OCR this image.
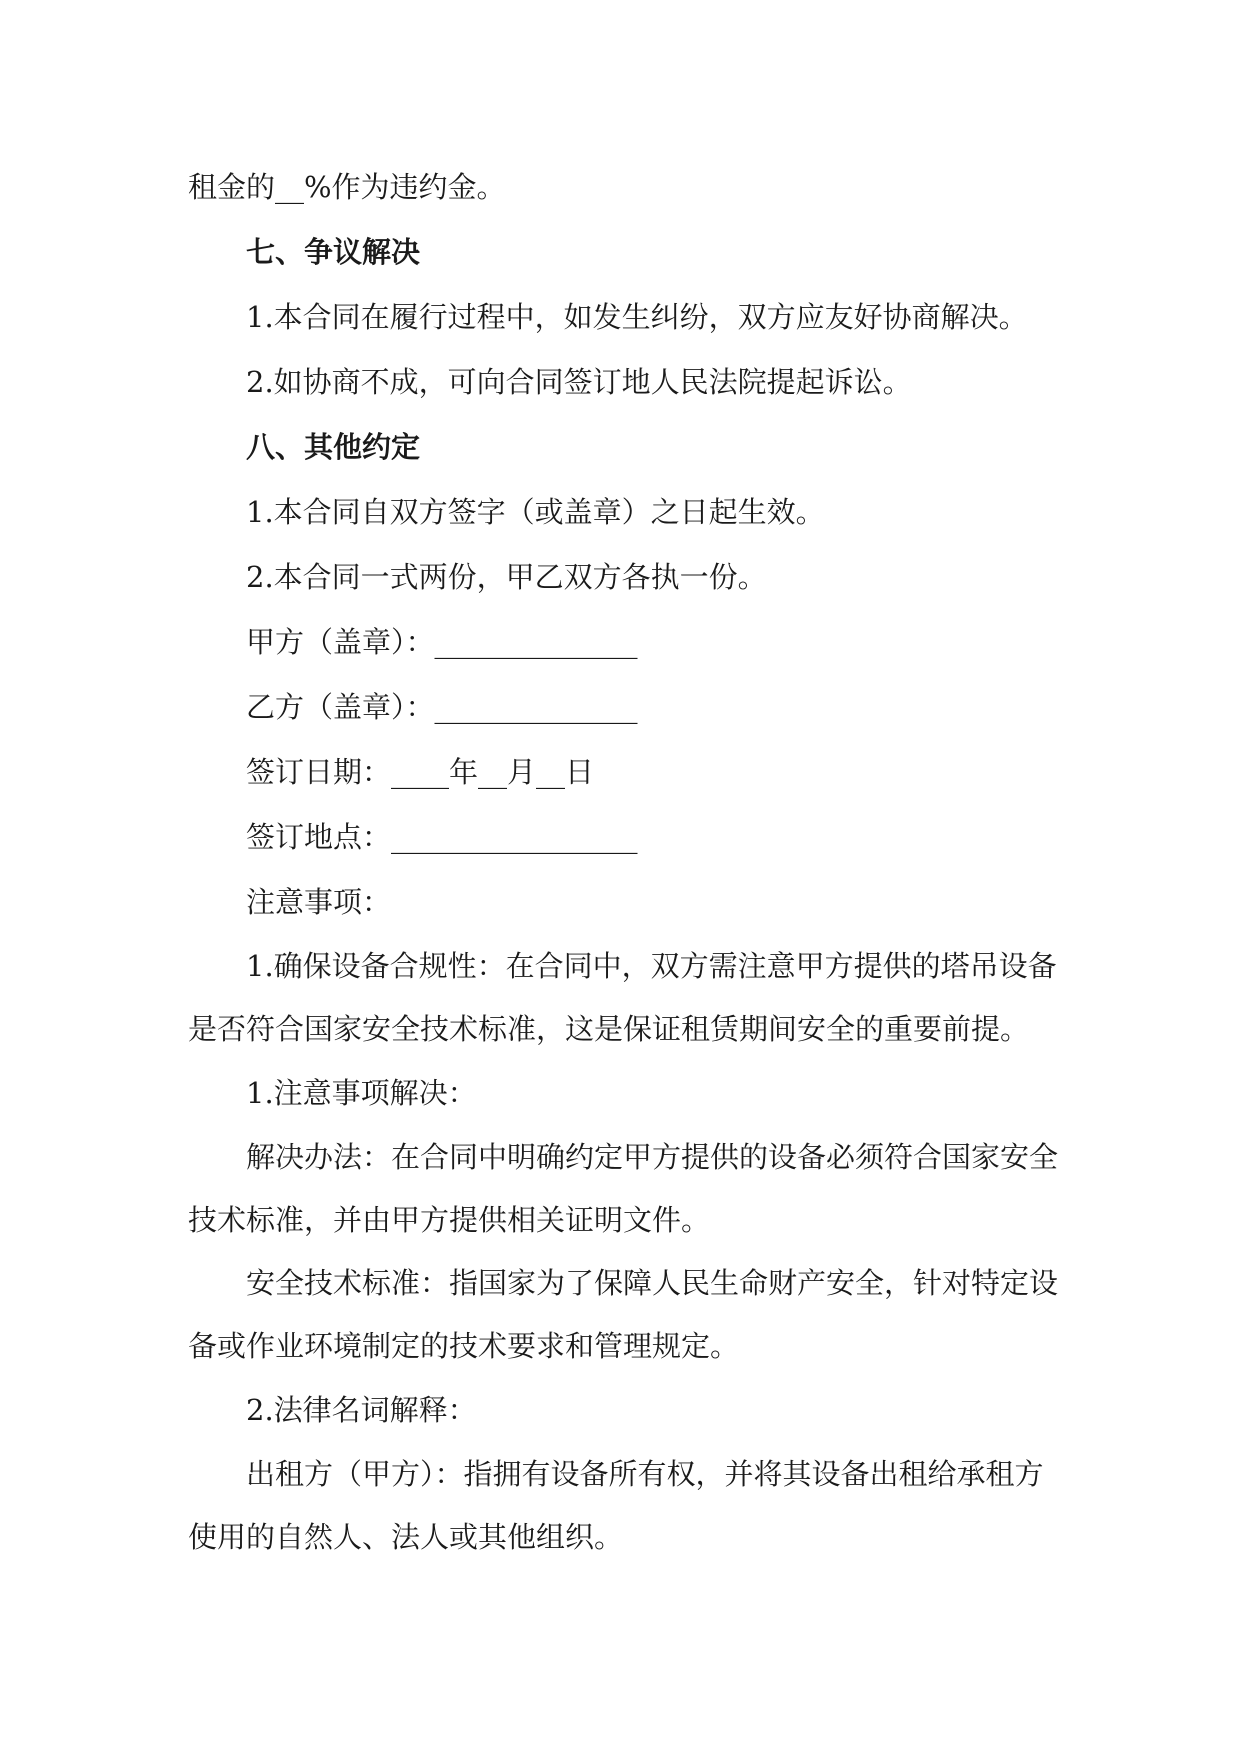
租金的__%作为违约金。

七、争议解决

1.本合同在履行过程中，如发生纠纷，双方应友好协商解决。

2.如协商不成，可向合同签订地人民法院提起诉讼。

八、其他约定

1.本合同自双方签字（或盖章）之日起生效。

2.本合同一式两份，甲乙双方各执一份。

甲方（盖章）：______________

乙方（盖章）：______________

签订日期：____年__月__日

签订地点：_________________

注意事项：

1.确保设备合规性：在合同中，双方需注意甲方提供的塔吊设备是否符合国家安全技术标准，这是保证租赁期间安全的重要前提。

1.注意事项解决：

解决办法：在合同中明确约定甲方提供的设备必须符合国家安全技术标准，并由甲方提供相关证明文件。

安全技术标准：指国家为了保障人民生命财产安全，针对特定设备或作业环境制定的技术要求和管理规定。

2.法律名词解释：

出租方（甲方）：指拥有设备所有权，并将其设备出租给承租方使用的自然人、法人或其他组织。
